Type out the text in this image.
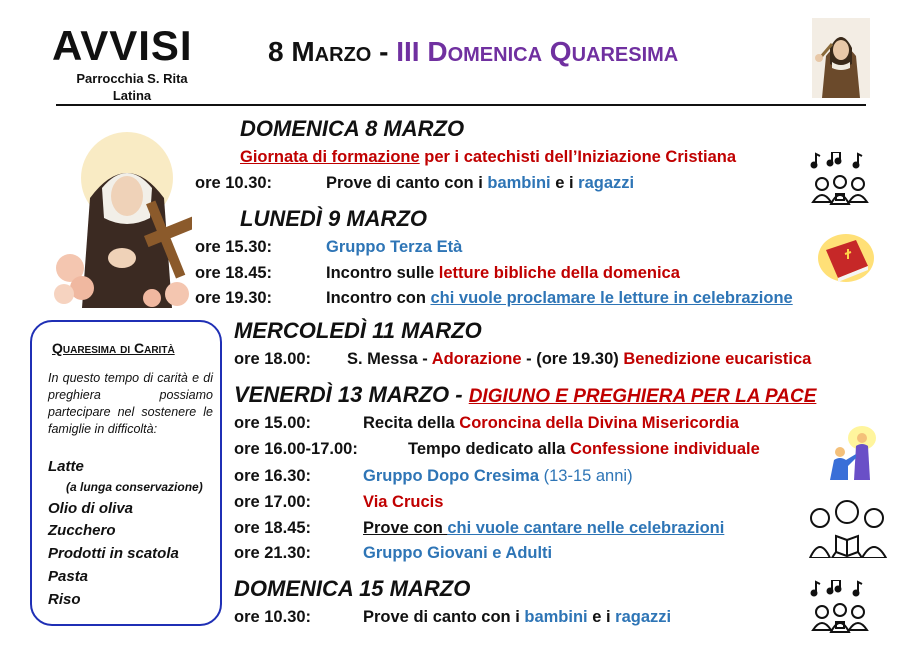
AVVISI
Parrocchia S. Rita
Latina
8 Marzo - III Domenica Quaresima
DOMENICA 8 MARZO
Giornata di formazione per i catechisti dell’Iniziazione Cristiana
ore 10.30:	Prove di canto con i bambini e i ragazzi
LUNEDÌ 9 MARZO
ore 15.30:	Gruppo Terza Età
ore 18.45:	Incontro sulle letture bibliche della domenica
ore 19.30:	Incontro con chi vuole proclamare le letture in celebrazione
Quaresima di Carità
In questo tempo di carità e di preghiera possiamo partecipare nel sostenere le famiglie in difficoltà:
Latte
(a lunga conservazione)
Olio di oliva
Zucchero
Prodotti in scatola
Pasta
Riso
MERCOLEDÌ 11 MARZO
ore 18.00: S. Messa - Adorazione - (ore 19.30) Benedizione eucaristica
VENERDÌ 13 MARZO - DIGIUNO E PREGHIERA PER LA PACE
ore 15.00:	Recita della Coroncina della Divina Misericordia
ore 16.00-17.00:	Tempo dedicato alla Confessione individuale
ore 16.30:	Gruppo Dopo Cresima (13-15 anni)
ore 17.00:	Via Crucis
ore 18.45:	Prove con chi vuole cantare nelle celebrazioni
ore 21.30:	Gruppo Giovani e Adulti
DOMENICA 15 MARZO
ore 10.30:	Prove di canto con i bambini e i ragazzi
